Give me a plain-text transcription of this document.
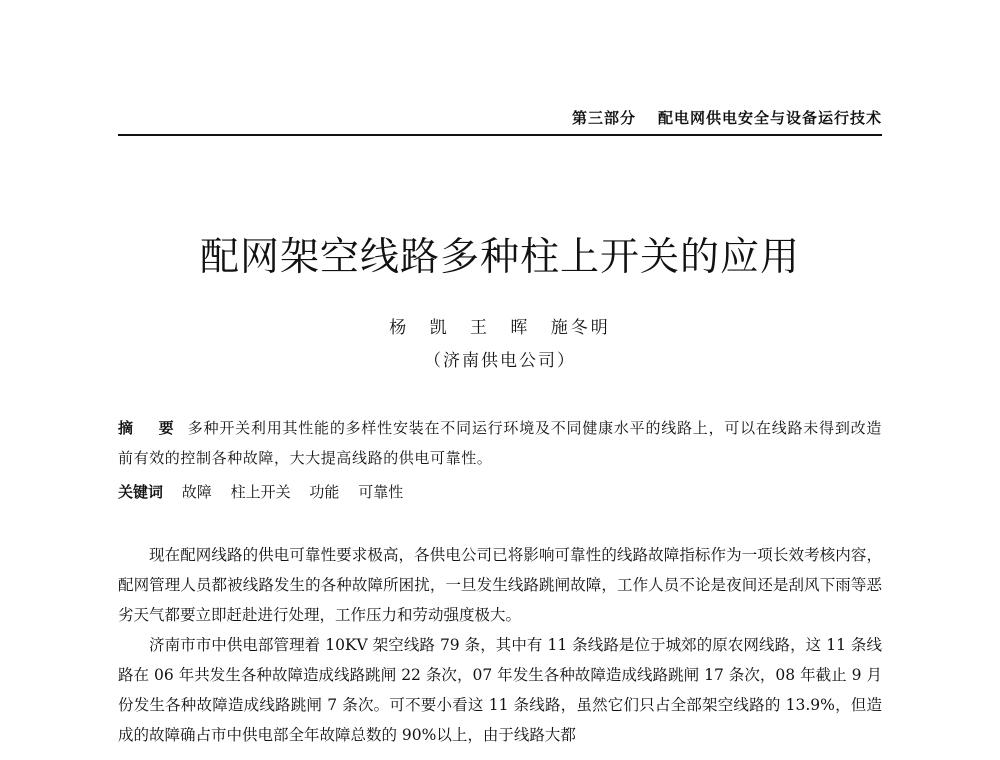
第三部分 配电网供电安全与设备运行技术
配网架空线路多种柱上开关的应用
杨 凯 王 晖 施冬明
（济南供电公司）
摘 要 多种开关利用其性能的多样性安装在不同运行环境及不同健康水平的线路上，可以在线路未得到改造前有效的控制各种故障，大大提高线路的供电可靠性。
关键词 故障 柱上开关 功能 可靠性

现在配网线路的供电可靠性要求极高，各供电公司已将影响可靠性的线路故障指标作为一项长效考核内容，配网管理人员都被线路发生的各种故障所困扰，一旦发生线路跳闸故障，工作人员不论是夜间还是刮风下雨等恶劣天气都要立即赶赴进行处理，工作压力和劳动强度极大。

济南市市中供电部管理着 10KV 架空线路 79 条，其中有 11 条线路是位于城郊的原农网线路，这 11 条线路在 06 年共发生各种故障造成线路跳闸 22 条次，07 年发生各种故障造成线路跳闸 17 条次，08 年截止 9 月份发生各种故障造成线路跳闸 7 条次。可不要小看这 11 条线路，虽然它们只占全部架空线路的 13.9%，但造成的故障确占市中供电部全年故障总数的 90%以上，由于线路大都
